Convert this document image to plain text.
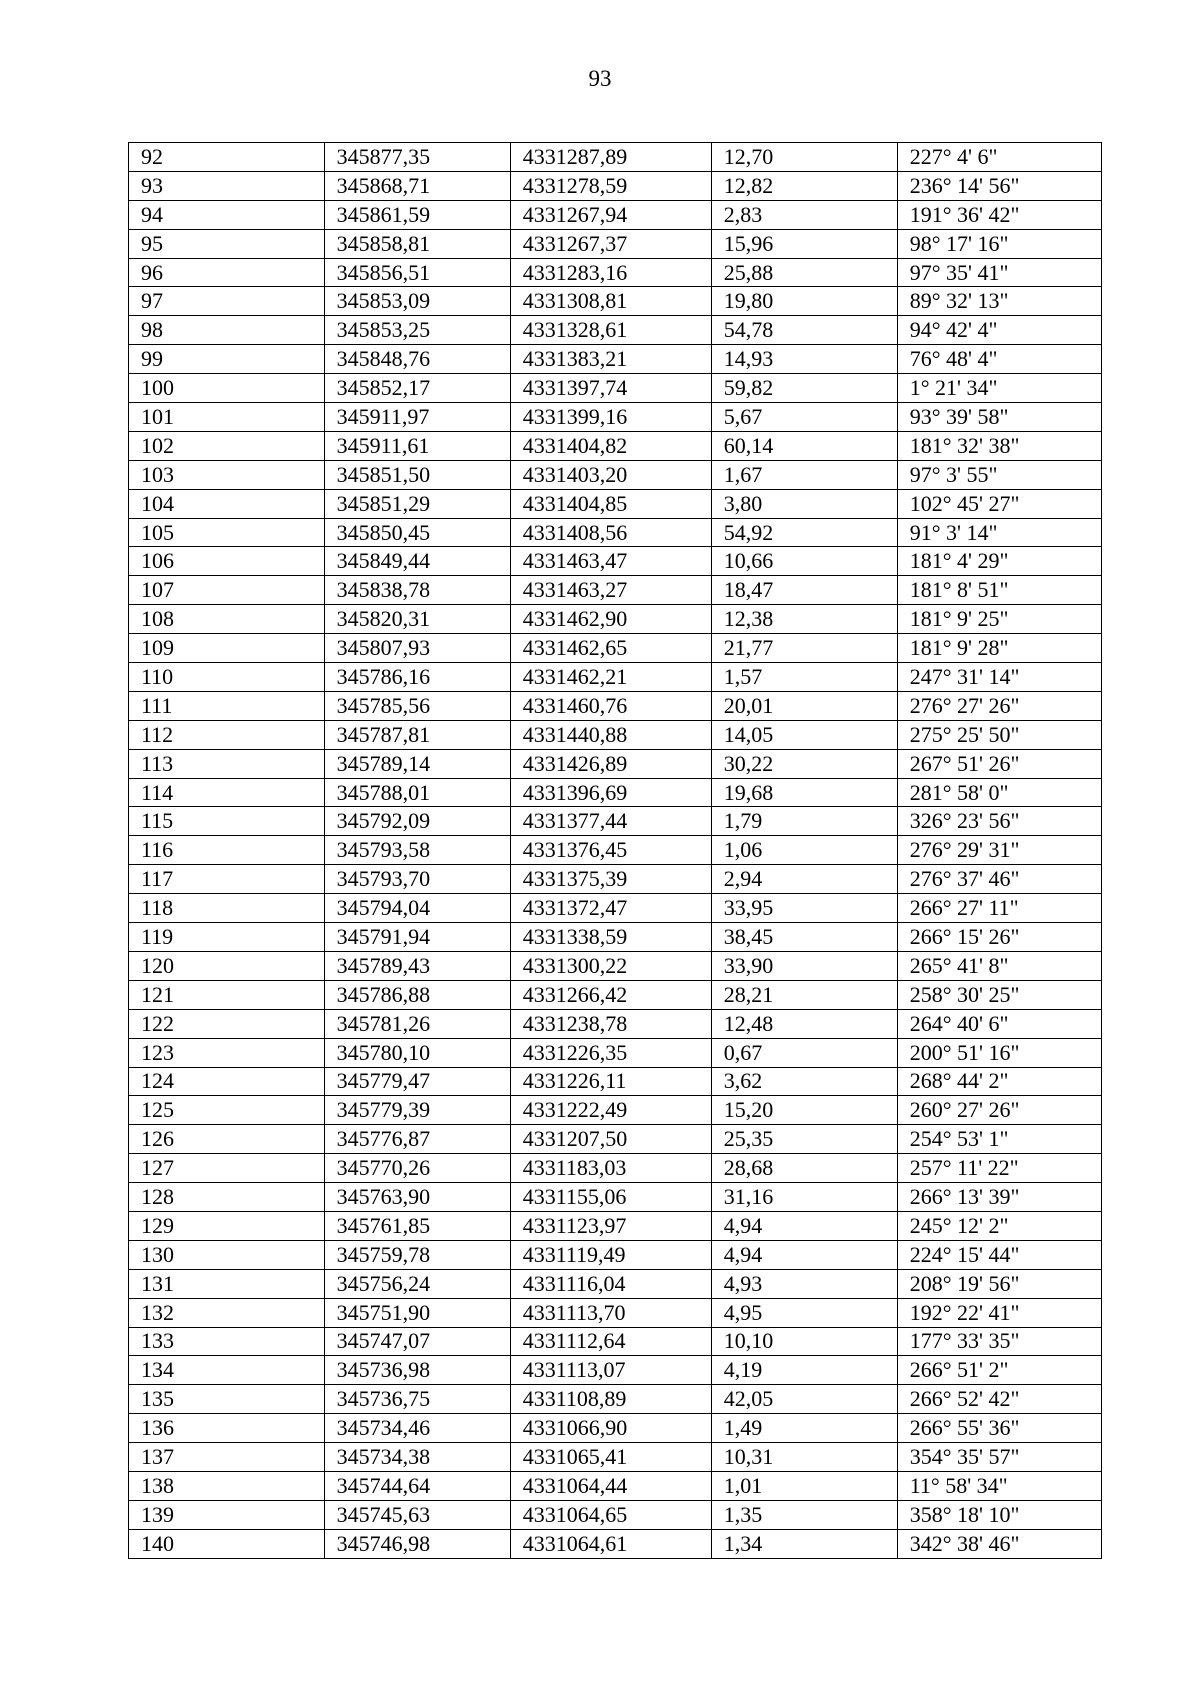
93
92	345877,35	4331287,89	12,70	227° 4' 6"
93	345868,71	4331278,59	12,82	236° 14' 56"
94	345861,59	4331267,94	2,83	191° 36' 42"
95	345858,81	4331267,37	15,96	98° 17' 16"
96	345856,51	4331283,16	25,88	97° 35' 41"
97	345853,09	4331308,81	19,80	89° 32' 13"
98	345853,25	4331328,61	54,78	94° 42' 4"
99	345848,76	4331383,21	14,93	76° 48' 4"
100	345852,17	4331397,74	59,82	1° 21' 34"
101	345911,97	4331399,16	5,67	93° 39' 58"
102	345911,61	4331404,82	60,14	181° 32' 38"
103	345851,50	4331403,20	1,67	97° 3' 55"
104	345851,29	4331404,85	3,80	102° 45' 27"
105	345850,45	4331408,56	54,92	91° 3' 14"
106	345849,44	4331463,47	10,66	181° 4' 29"
107	345838,78	4331463,27	18,47	181° 8' 51"
108	345820,31	4331462,90	12,38	181° 9' 25"
109	345807,93	4331462,65	21,77	181° 9' 28"
110	345786,16	4331462,21	1,57	247° 31' 14"
111	345785,56	4331460,76	20,01	276° 27' 26"
112	345787,81	4331440,88	14,05	275° 25' 50"
113	345789,14	4331426,89	30,22	267° 51' 26"
114	345788,01	4331396,69	19,68	281° 58' 0"
115	345792,09	4331377,44	1,79	326° 23' 56"
116	345793,58	4331376,45	1,06	276° 29' 31"
117	345793,70	4331375,39	2,94	276° 37' 46"
118	345794,04	4331372,47	33,95	266° 27' 11"
119	345791,94	4331338,59	38,45	266° 15' 26"
120	345789,43	4331300,22	33,90	265° 41' 8"
121	345786,88	4331266,42	28,21	258° 30' 25"
122	345781,26	4331238,78	12,48	264° 40' 6"
123	345780,10	4331226,35	0,67	200° 51' 16"
124	345779,47	4331226,11	3,62	268° 44' 2"
125	345779,39	4331222,49	15,20	260° 27' 26"
126	345776,87	4331207,50	25,35	254° 53' 1"
127	345770,26	4331183,03	28,68	257° 11' 22"
128	345763,90	4331155,06	31,16	266° 13' 39"
129	345761,85	4331123,97	4,94	245° 12' 2"
130	345759,78	4331119,49	4,94	224° 15' 44"
131	345756,24	4331116,04	4,93	208° 19' 56"
132	345751,90	4331113,70	4,95	192° 22' 41"
133	345747,07	4331112,64	10,10	177° 33' 35"
134	345736,98	4331113,07	4,19	266° 51' 2"
135	345736,75	4331108,89	42,05	266° 52' 42"
136	345734,46	4331066,90	1,49	266° 55' 36"
137	345734,38	4331065,41	10,31	354° 35' 57"
138	345744,64	4331064,44	1,01	11° 58' 34"
139	345745,63	4331064,65	1,35	358° 18' 10"
140	345746,98	4331064,61	1,34	342° 38' 46"
